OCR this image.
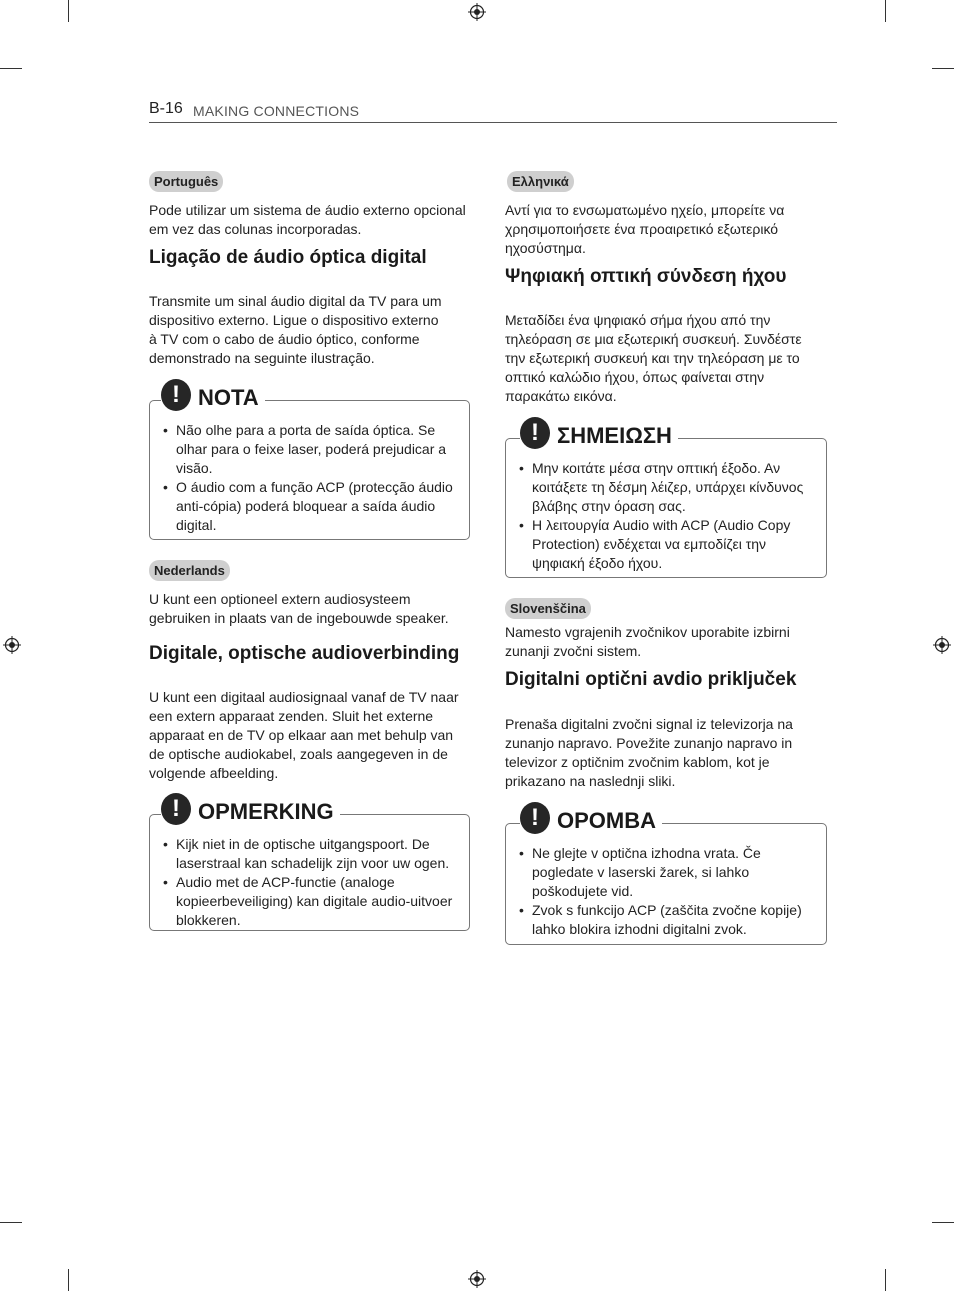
B-16 MAKING CONNECTIONS
Português

Pode utilizar um sistema de áudio externo opcional em vez das colunas incorporadas.

Ligação de áudio óptica digital

Transmite um sinal áudio digital da TV para um dispositivo externo. Ligue o dispositivo externo à TV com o cabo de áudio óptico, conforme demonstrado na seguinte ilustração.

! NOTA
• Não olhe para a porta de saída óptica. Se olhar para o feixe laser, poderá prejudicar a visão.
• O áudio com a função ACP (protecção áudio anti-cópia) poderá bloquear a saída áudio digital.
Nederlands

U kunt een optioneel extern audiosysteem gebruiken in plaats van de ingebouwde speaker.

Digitale, optische audioverbinding

U kunt een digitaal audiosignaal vanaf de TV naar een extern apparaat zenden. Sluit het externe apparaat en de TV op elkaar aan met behulp van de optische audiokabel, zoals aangegeven in de volgende afbeelding.

! OPMERKING
• Kijk niet in de optische uitgangspoort. De laserstraal kan schadelijk zijn voor uw ogen.
• Audio met de ACP-functie (analoge kopieerbeveiliging) kan digitale audio-uitvoer blokkeren.
Ελληνικά

Αντί για το ενσωματωμένο ηχείο, μπορείτε να χρησιμοποιήσετε ένα προαιρετικό εξωτερικό ηχοσύστημα.

Ψηφιακή οπτική σύνδεση ήχου

Μεταδίδει ένα ψηφιακό σήμα ήχου από την τηλεόραση σε μια εξωτερική συσκευή. Συνδέστε την εξωτερική συσκευή και την τηλεόραση με το οπτικό καλώδιο ήχου, όπως φαίνεται στην παρακάτω εικόνα.

! ΣΗΜΕΙΩΣΗ
• Μην κοιτάτε μέσα στην οπτική έξοδο. Αν κοιτάξετε τη δέσμη λέιζερ, υπάρχει κίνδυνος βλάβης στην όραση σας.
• Η λειτουργία Audio with ACP (Audio Copy Protection) ενδέχεται να εμποδίζει την ψηφιακή έξοδο ήχου.
Slovenščina

Namesto vgrajenih zvočnikov uporabite izbirni zunanji zvočni sistem.

Digitalni optični avdio priključek

Prenaša digitalni zvočni signal iz televizorja na zunanjo napravo. Povežite zunanjo napravo in televizor z optičnim zvočnim kablom, kot je prikazano na naslednji sliki.

! OPOMBA
• Ne glejte v optična izhodna vrata. Če pogledate v laserski žarek, si lahko poškodujete vid.
• Zvok s funkcijo ACP (zaščita zvočne kopije) lahko blokira izhodni digitalni zvok.
